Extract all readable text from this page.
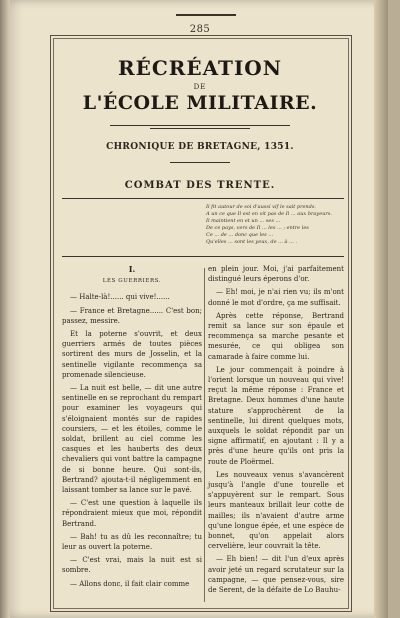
285
RÉCRÉATION
DE
L'ÉCOLE MILITAIRE.
CHRONIQUE DE BRETAGNE, 1351.
COMBAT DES TRENTE.
Il fit autour de soi d'aussi vif le sait prends.
A un ce que Il est en vit pas de Il ... aux brayeurs.
Il maintient en et un ... ses ...
De ce pays, vers de Il ... les ... ; entre les
Ce ... de ... donc que les ...
Qu'elles ... sont les yeux, de ... à ... .
I.
LES GUERRIERS.

— Halte-là!...... qui vive!......

— France et Bretagne...... C'est bon; passez, messire.

Et la poterne s'ouvrit, et deux guerriers armés de toutes pièces sortirent des murs de Josselin, et la sentinelle vigilante recommença sa promenade silencieuse.

— La nuit est belle, — dit une autre sentinelle en se reprochant du rempart pour examiner les voyageurs qui s'éloignaient montés sur de rapides coursiers, — et les étoiles, comme le soldat, brillent au ciel comme les casques et les hauberts des deux chevaliers qui vont battre la campagne de si bonne heure. Qui sont-ils, Bertrand? ajouta-t-il négligemment en laissant tomber sa lance sur le pavé.

— C'est une question à laquelle ils répondraient mieux que moi, répondit Bertrand.

— Bah! tu as dû les reconnaître; tu leur as ouvert la poterne.

— C'est vrai, mais la nuit est si sombre.

— Allons donc, il fait clair comme

en plein jour. Moi, j'ai parfaitement distingué leurs éperons d'or.

— Eh! moi, je n'ai rien vu; ils m'ont donné le mot d'ordre, ça me suffisait.

Après cette réponse, Bertrand remit sa lance sur son épaule et recommença sa marche pesante et mesurée, ce qui obligea son camarade à faire comme lui.

Le jour commençait à poindre à l'orient lorsque un nouveau qui vive! reçut la même réponse : France et Bretagne. Deux hommes d'une haute stature s'approchèrent de la sentinelle, lui dirent quelques mots, auxquels le soldat répondit par un signe affirmatif, en ajoutant : Il y a près d'une heure qu'ils ont pris la route de Ploërmel.

Les nouveaux venus s'avancèrent jusqu'à l'angle d'une tourelle et s'appuyèrent sur le rempart. Sous leurs manteaux brillait leur cotte de mailles; ils n'avaient d'autre arme qu'une longue épée, et une espèce de bonnet, qu'on appelait alors cervelière, leur couvrait la tête.

— Eh bien! — dit l'un d'eux après avoir jeté un regard scrutateur sur la campagne, — que pensez-vous, sire de Serent, de la défaite de Lo Bauhu-
